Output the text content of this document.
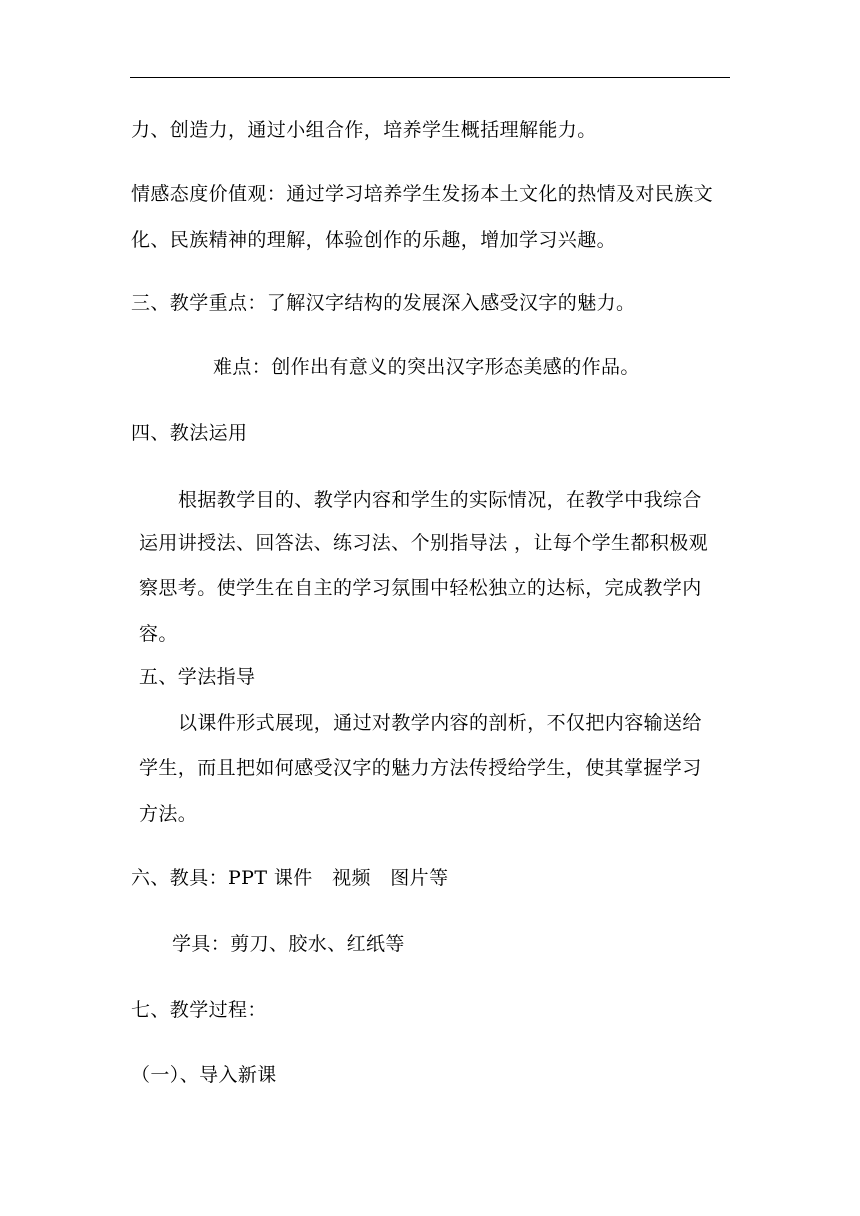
力、创造力，通过小组合作，培养学生概括理解能力。
情感态度价值观：通过学习培养学生发扬本土文化的热情及对民族文
化、民族精神的理解，体验创作的乐趣，增加学习兴趣。
三、教学重点：了解汉字结构的发展深入感受汉字的魅力。
难点：创作出有意义的突出汉字形态美感的作品。
四、教法运用
根据教学目的、教学内容和学生的实际情况，在教学中我综合
运用讲授法、回答法、练习法、个别指导法 ，让每个学生都积极观
察思考。使学生在自主的学习氛围中轻松独立的达标，完成教学内
容。
五、学法指导
以课件形式展现，通过对教学内容的剖析，不仅把内容输送给
学生，而且把如何感受汉字的魅力方法传授给学生，使其掌握学习
方法。
六、教具：PPT 课件　视频　图片等
学具：剪刀、胶水、红纸等
七、教学过程：
（一）、导入新课
